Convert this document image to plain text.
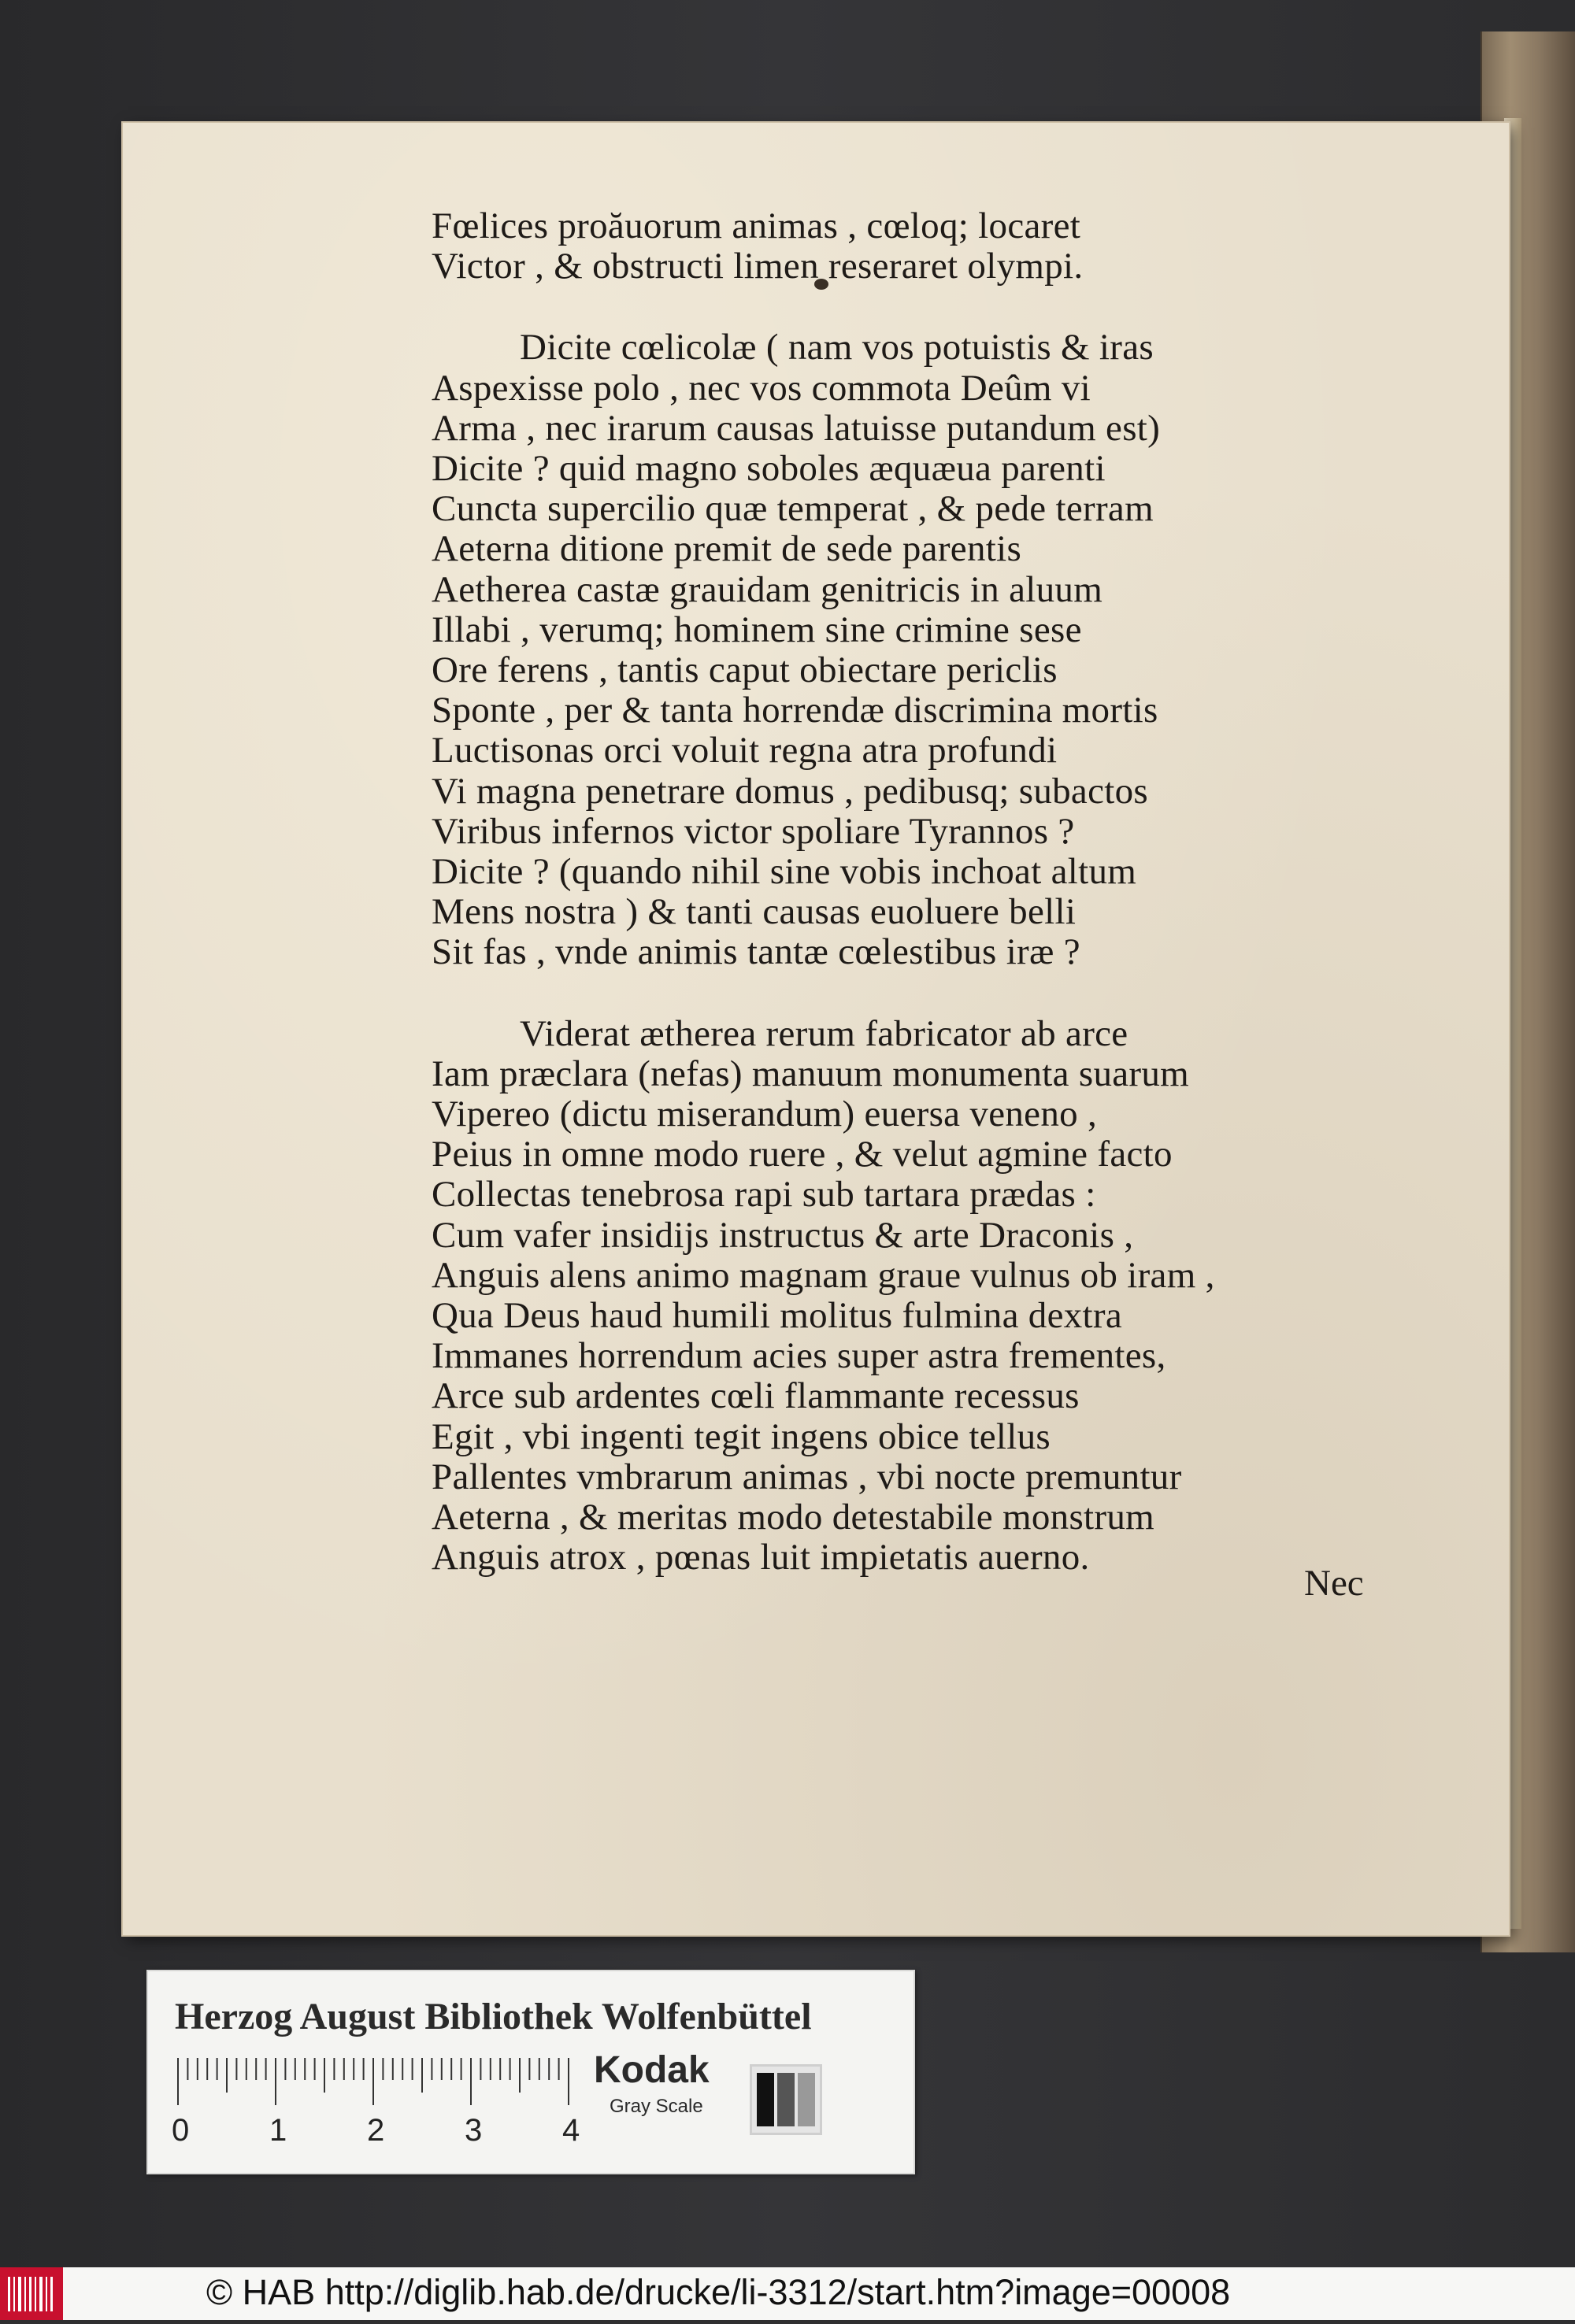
Fœlices proăuorum animas , cœloq; locaret
Victor , & obstructi limen reseraret olympi.
Dicite cœlicolæ ( nam vos potuistis & iras
Aspexisse polo , nec vos commota Deûm vi
Arma , nec irarum causas latuisse putandum est)
Dicite ? quid magno soboles æquæua parenti
Cuncta supercilio quæ temperat , & pede terram
Aeterna ditione premit de sede parentis
Aetherea castæ grauidam genitricis in aluum
Illabi , verumq; hominem sine crimine sese
Ore ferens , tantis caput obiectare periclis
Sponte , per & tanta horrendæ discrimina mortis
Luctisonas orci voluit regna atra profundi
Vi magna penetrare domus , pedibusq; subactos
Viribus infernos victor spoliare Tyrannos ?
Dicite ? (quando nihil sine vobis inchoat altum
Mens nostra ) & tanti causas euoluere belli
Sit fas , vnde animis tantæ cœlestibus iræ ?
Viderat ætherea rerum fabricator ab arce
Iam præclara (nefas) manuum monumenta suarum
Vipereo (dictu miserandum) euersa veneno ,
Peius in omne modo ruere , & velut agmine facto
Collectas tenebrosa rapi sub tartara prædas :
Cum vafer insidijs instructus & arte Draconis ,
Anguis alens animo magnam graue vulnus ob iram ,
Qua Deus haud humili molitus fulmina dextra
Immanes horrendum acies super astra frementes,
Arce sub ardentes cœli flammante recessus
Egit , vbi ingenti tegit ingens obice tellus
Pallentes vmbrarum animas , vbi nocte premuntur
Aeterna , & meritas modo detestabile monstrum
Anguis atrox , pœnas luit impietatis auerno.
Nec
Herzog August Bibliothek Wolfenbüttel
0	1	2	3	4
Kodak
Gray Scale
© HAB http://diglib.hab.de/drucke/li-3312/start.htm?image=00008
